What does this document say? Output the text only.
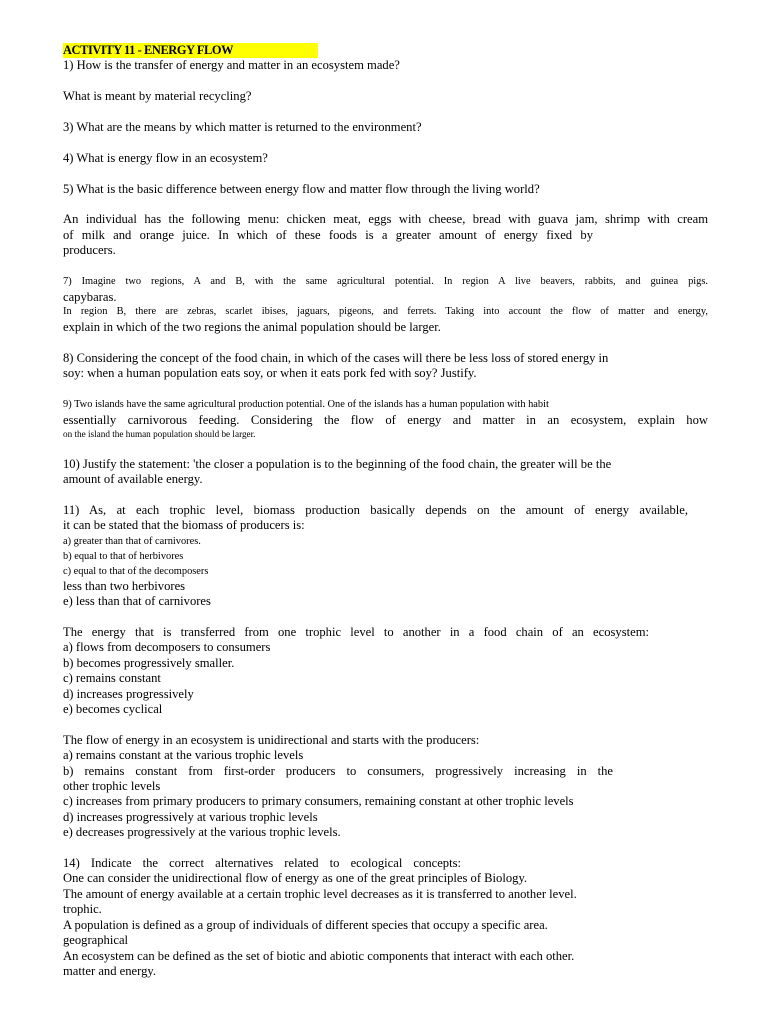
ACTIVITY 11 - ENERGY FLOW
1) How is the transfer of energy and matter in an ecosystem made?
What is meant by material recycling?
3) What are the means by which matter is returned to the environment?
4) What is energy flow in an ecosystem?
5) What is the basic difference between energy flow and matter flow through the living world?
An individual has the following menu: chicken meat, eggs with cheese, bread with guava jam, shrimp with cream
of milk and orange juice. In which of these foods is a greater amount of energy fixed by
producers.
7) Imagine two regions, A and B, with the same agricultural potential. In region A live beavers, rabbits, and guinea pigs.
capybaras.
In region B, there are zebras, scarlet ibises, jaguars, pigeons, and ferrets. Taking into account the flow of matter and energy,
explain in which of the two regions the animal population should be larger.
8) Considering the concept of the food chain, in which of the cases will there be less loss of stored energy in
soy: when a human population eats soy, or when it eats pork fed with soy? Justify.
9) Two islands have the same agricultural production potential. One of the islands has a human population with habit
essentially carnivorous feeding. Considering the flow of energy and matter in an ecosystem, explain how
on the island the human population should be larger.
10) Justify the statement: 'the closer a population is to the beginning of the food chain, the greater will be the
amount of available energy.
11) As, at each trophic level, biomass production basically depends on the amount of energy available,
it can be stated that the biomass of producers is:
a) greater than that of carnivores.
b) equal to that of herbivores
c) equal to that of the decomposers
less than two herbivores
e) less than that of carnivores
The energy that is transferred from one trophic level to another in a food chain of an ecosystem:
a) flows from decomposers to consumers
b) becomes progressively smaller.
c) remains constant
d) increases progressively
e) becomes cyclical
The flow of energy in an ecosystem is unidirectional and starts with the producers:
a) remains constant at the various trophic levels
b) remains constant from first-order producers to consumers, progressively increasing in the
other trophic levels
c) increases from primary producers to primary consumers, remaining constant at other trophic levels
d) increases progressively at various trophic levels
e) decreases progressively at the various trophic levels.
14) Indicate the correct alternatives related to ecological concepts:
One can consider the unidirectional flow of energy as one of the great principles of Biology.
The amount of energy available at a certain trophic level decreases as it is transferred to another level.
trophic.
A population is defined as a group of individuals of different species that occupy a specific area.
geographical
An ecosystem can be defined as the set of biotic and abiotic components that interact with each other.
matter and energy.
